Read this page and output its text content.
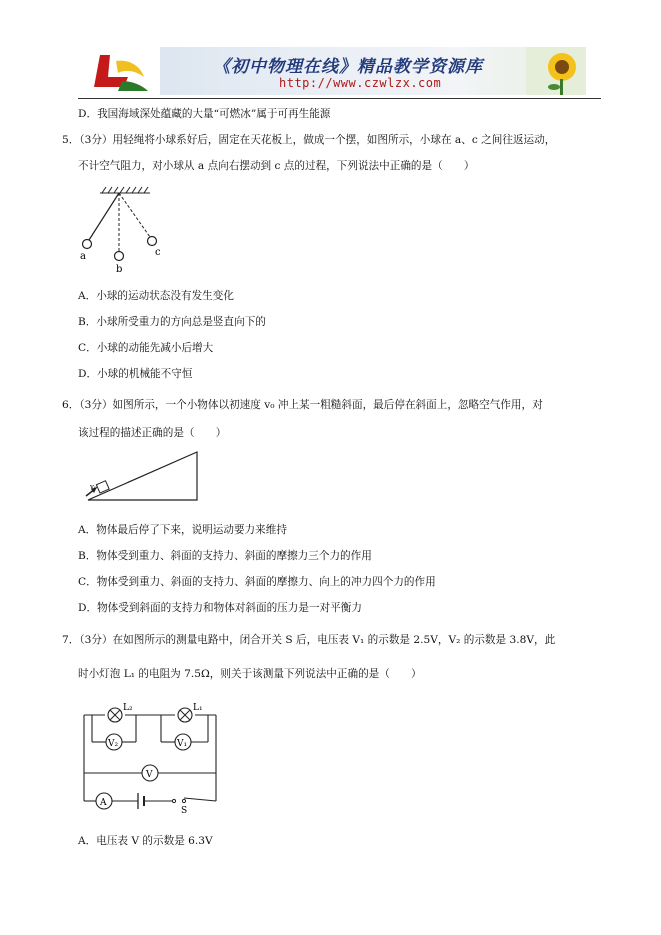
《初中物理在线》精品教学资源库
http://www.czwlzx.com
D．我国海域深处蕴藏的大量“可燃冰”属于可再生能源
5．（3分）用轻绳将小球系好后，固定在天花板上，做成一个摆，如图所示，小球在 a、c 之间往返运动，
不计空气阻力，对小球从 a 点向右摆动到 c 点的过程，下列说法中正确的是（　　）
a
b
c
A．小球的运动状态没有发生变化
B．小球所受重力的方向总是竖直向下的
C．小球的动能先减小后增大
D．小球的机械能不守恒
6．（3分）如图所示，一个小物体以初速度 v₀ 冲上某一粗糙斜面，最后停在斜面上，忽略空气作用，对
该过程的描述正确的是（　　）
v₀
A．物体最后停了下来，说明运动要力来维持
B．物体受到重力、斜面的支持力、斜面的摩擦力三个力的作用
C．物体受到重力、斜面的支持力、斜面的摩擦力、向上的冲力四个力的作用
D．物体受到斜面的支持力和物体对斜面的压力是一对平衡力
7．（3分）在如图所示的测量电路中，闭合开关 S 后，电压表 V₁ 的示数是 2.5V，V₂ 的示数是 3.8V，此
时小灯泡 L₁ 的电阻为 7.5Ω，则关于该测量下列说法中正确的是（　　）
L₂	L₁
V₂	V₁
V
A
S
A．电压表 V 的示数是 6.3V
